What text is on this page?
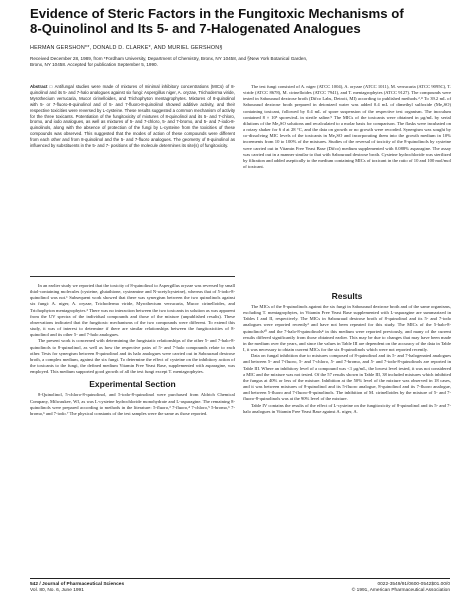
Evidence of Steric Factors in the Fungitoxic Mechanisms of
8-Quinolinol and Its 5- and 7-Halogenated Analogues
HERMAN GERSHON**, DONALD D. CLARKE*, AND MURIEL GERSHON§
Received December 28, 1989, from *Fordham University, Department of Chemistry, Bronx, NY 10458, and §New York Botanical Garden,
Bronx, NY 10458. Accepted for publication September 5, 1990.
Abstract □ Antifungal studies were made of mixtures of minimal inhibitory concentrations (MICs) of 8-quinolinol and its 5- and 7-halo analogues against six fungi: Aspergillus niger, A. oryzae, Trichoderma viride, Myrothecium verrucaria, Mucor cirinelloides, and Trichophyton mentagrophytes. Mixtures of 8-quinolinol with 5- or 7-fluoro-8-quinolinol and of 5- and 7-fluoro-8-quinolinol showed additive activity, and their respective toxicities were reversed by L-cysteine. These results suggested a common mechanism of activity for the three toxicants. Potentiation of the fungitoxicity of mixtures of 8-quinolinol and its 5- and 7-chloro, bromo, and iodo analogues, as well as mixtures of 5- and 7-chloro, 5- and 7-bromo, and 5- and 7-iodo-8-quinolinols, along with the absence of protection of the fungi by L-cysteine from the toxicities of these compounds was observed. This suggested that the modes of action of these compounds were different from each other and from 8-quinolinol and the 5- and 7-fluoro analogues. The geometry of 8-quinolinol as influenced by substituents in the 5- and 7- positions of the molecule determines its site(s) of fungitoxicity.

In an earlier study we reported that the toxicity of 8-quinolinol to Aspergillus oryzae was reversed by small thiol-containing molecules (cysteine, glutathione, cysteamine and N-acetylcysteine), whereas that of 5-iodo-8-quinolinol was not.¹ Subsequent work showed that there was synergism between the two quinolinols against six fungi: A. niger, A. oryzae, Trichoderma viride, Myrothecium verrucaria, Mucor cirinelloides, and Trichophyton mentagrophytes.² There was no interaction between the two toxicants in solution as was apparent from the UV spectra of the individual compounds and those of the mixture (unpublished results). These observations indicated that the fungitoxic mechanisms of the two compounds were different. To extend this study, it was of interest to determine if there are similar relationships between the fungitoxicities of 8-quinolinol and its other 5- and 7-halo analogues.

The present work is concerned with determining the fungistatic relationships of the other 5- and 7-halo-8-quinolinols to 8-quinolinol, as well as how the respective pairs of 5- and 7-halo compounds relate to each other. Tests for synergism between 8-quinolinol and its halo analogues were carried out in Sabouraud dextrose broth, a complex medium, against the six fungi. To determine the effect of cysteine on the inhibitory action of the toxicants to the fungi, the defined medium Vitamin Free Yeast Base, supplemented with asparagine, was employed. This medium supported good growth of all the test fungi except T. mentagrophytes.

Experimental Section

8-Quinolinol, 5-chloro-8-quinolinol, and 5-iodo-8-quinolinol were purchased from Aldrich Chemical Company, Milwaukee, WI, as was L-cysteine hydrochloride monohydrate and L-asparagine. The remaining 8-quinolinols were prepared according to methods in the literature: 5-fluoro,³ 7-fluoro,⁴ 7-chloro,⁵ 5-bromo,⁶ 7-bromo,⁶ and 7-iodo.⁷ The physical constants of the test samples were the same as those reported.

The test fungi consisted of A. niger (ATCC 1004), A. oryzae (ATCC 1011), M. verrucaria (ATCC 9095C), T. viride (ATCC 8678), M. cirinelloides (ATCC 7941), and T. mentagrophytes (ATCC 9127). The compounds were tested in Sabouraud dextrose broth (Difco Labs, Detroit, MI) according to published methods.²˒⁸ To 39.2 mL of Sabouraud dextrose broth prepared in deionized water was added 0.4 mL of dimethyl sulfoxide (Me₂SO) containing toxicant, followed by 0.4 mL of spore suspension of the respective test organism. The inoculum contained 8 × 10⁵ spores/mL in sterile saline.⁹ The MICs of the toxicants were obtained in µg/mL by serial dilutions of the Me₂SO solutions and recalculated to a molar basis for comparison. The flasks were incubated on a rotary shaker for 6 d at 28 °C, and the data on growth or no growth were recorded. Synergism was sought by co-dissolving MIC levels of the toxicants in Me₂SO and incorporating them into the growth medium in 10% increments from 10 to 100% of the mixtures. Studies of the reversal of toxicity of the 8-quinolinols by cysteine were carried out in Vitamin Free Yeast Base (Difco) medium supplemented with 0.088% asparagine. The assay was carried out in a manner similar to that with Sabouraud dextrose broth. Cysteine hydrochloride was sterilized by filtration and added aseptically to the medium containing MICs of toxicant in the ratio of 10 and 100 mol/mol of toxicant.

Results

The MICs of the 8-quinolinols against the six fungi in Sabouraud dextrose broth and of the same organisms, excluding T. mentagrophytes, in Vitamin Free Yeast Base supplemented with L-asparagine are summarized in Tables I and II, respectively. The MICs in Sabouraud dextrose broth of 8-quinolinol and its 5- and 7-iodo analogues were reported recently² and have not been repeated for this study. The MICs of the 5-halo-8-quinolinols¹⁰ and the 7-halo-8-quinolinols⁴ in this medium were reported previously, and many of the current results differed significantly from those obtained earlier. This may be due to changes that may have been made in the medium over the years, and since the values in Table III are dependent on the accuracy of the data in Table I, it was necessary to obtain current MICs for the six 8-quinolinols which were not reported recently.

Data on fungal inhibition due to mixtures composed of 8-quinolinol and its 5- and 7-halogenated analogues and between 5- and 7-fluoro, 5- and 7-chloro, 5- and 7-bromo, and 5- and 7-iodo-8-quinolinols are reported in Table III. Where an inhibitory level of a compound was <1 µg/mL, the lowest level tested, it was not considered a MIC and the mixture was not tested. Of the 57 results shown in Table III, 38 included mixtures which inhibited the fungus at 40% or less of the mixture. Inhibition at the 50% level of the mixture was observed in 18 cases, and it was between mixtures of 8-quinolinol and its 5-fluoro analogue, 8-quinolinol and its 7-fluoro analogue, and between 5-fluoro and 7-fluoro-8-quinolinols. The inhibition of M. cirinelloides by the mixture of 5- and 7-fluoro-8-quinolinols was at the 90% level of the mixture.

Table IV contains the results of the effect of L-cysteine on the fungitoxicity of 8-quinolinol and its 5- and 7-halo analogues in Vitamin Free Yeast Base against A. niger, A.

542 / Journal of Pharmaceutical Sciences
Vol. 80, No. 6, June 1991
0022-3549/91/0600-0542$01.00/0
© 1991, American Pharmaceutical Association
